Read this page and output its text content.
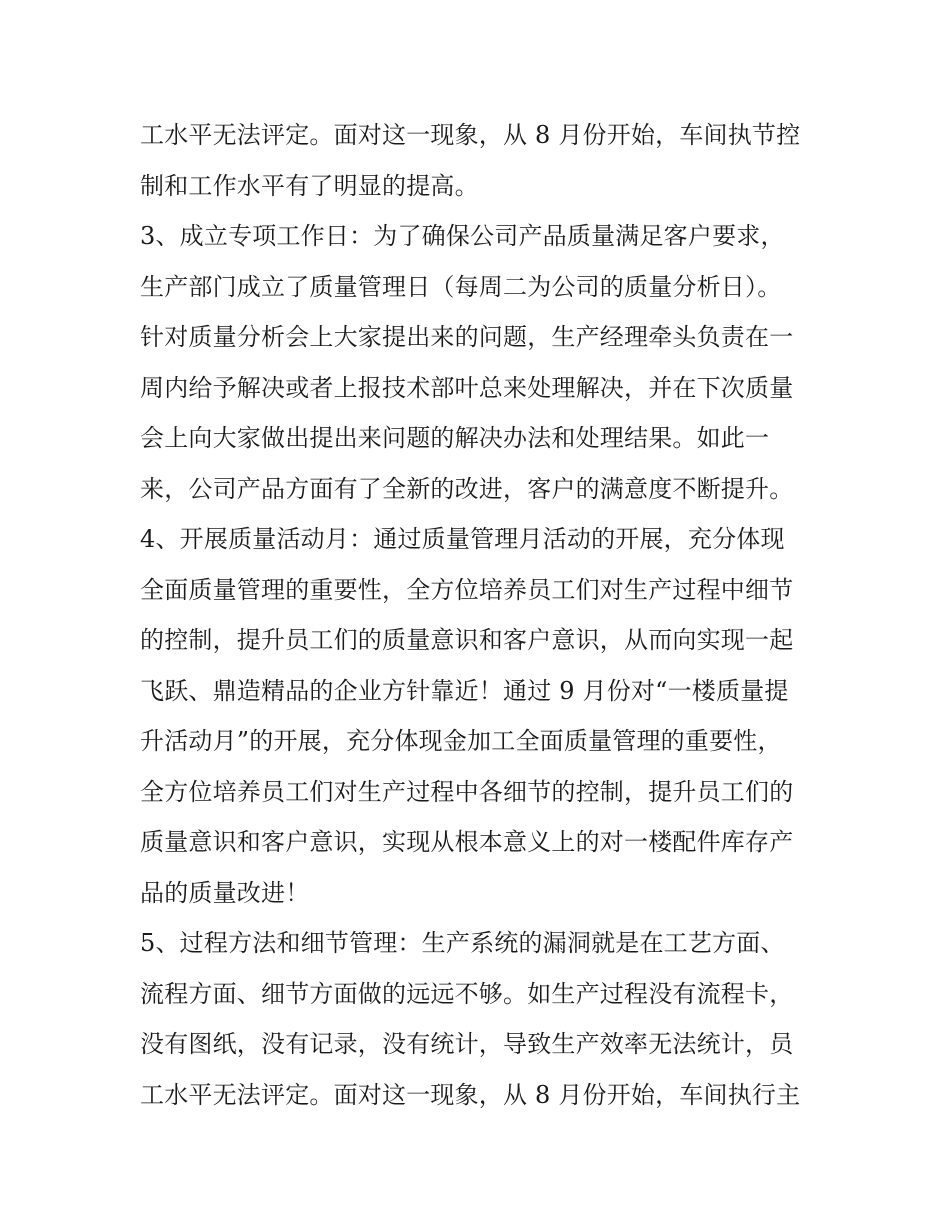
工水平无法评定。面对这一现象，从 8 月份开始，车间执节控
制和工作水平有了明显的提高。
3、成立专项工作日：为了确保公司产品质量满足客户要求，
生产部门成立了质量管理日（每周二为公司的质量分析日）。
针对质量分析会上大家提出来的问题，生产经理牵头负责在一
周内给予解决或者上报技术部叶总来处理解决，并在下次质量
会上向大家做出提出来问题的解决办法和处理结果。如此一
来，公司产品方面有了全新的改进，客户的满意度不断提升。
4、开展质量活动月：通过质量管理月活动的开展，充分体现
全面质量管理的重要性，全方位培养员工们对生产过程中细节
的控制，提升员工们的质量意识和客户意识，从而向实现一起
飞跃、鼎造精品的企业方针靠近！通过 9 月份对“一楼质量提
升活动月”的开展，充分体现金加工全面质量管理的重要性，
全方位培养员工们对生产过程中各细节的控制，提升员工们的
质量意识和客户意识，实现从根本意义上的对一楼配件库存产
品的质量改进！
5、过程方法和细节管理：生产系统的漏洞就是在工艺方面、
流程方面、细节方面做的远远不够。如生产过程没有流程卡，
没有图纸，没有记录，没有统计，导致生产效率无法统计，员
工水平无法评定。面对这一现象，从 8 月份开始，车间执行主
